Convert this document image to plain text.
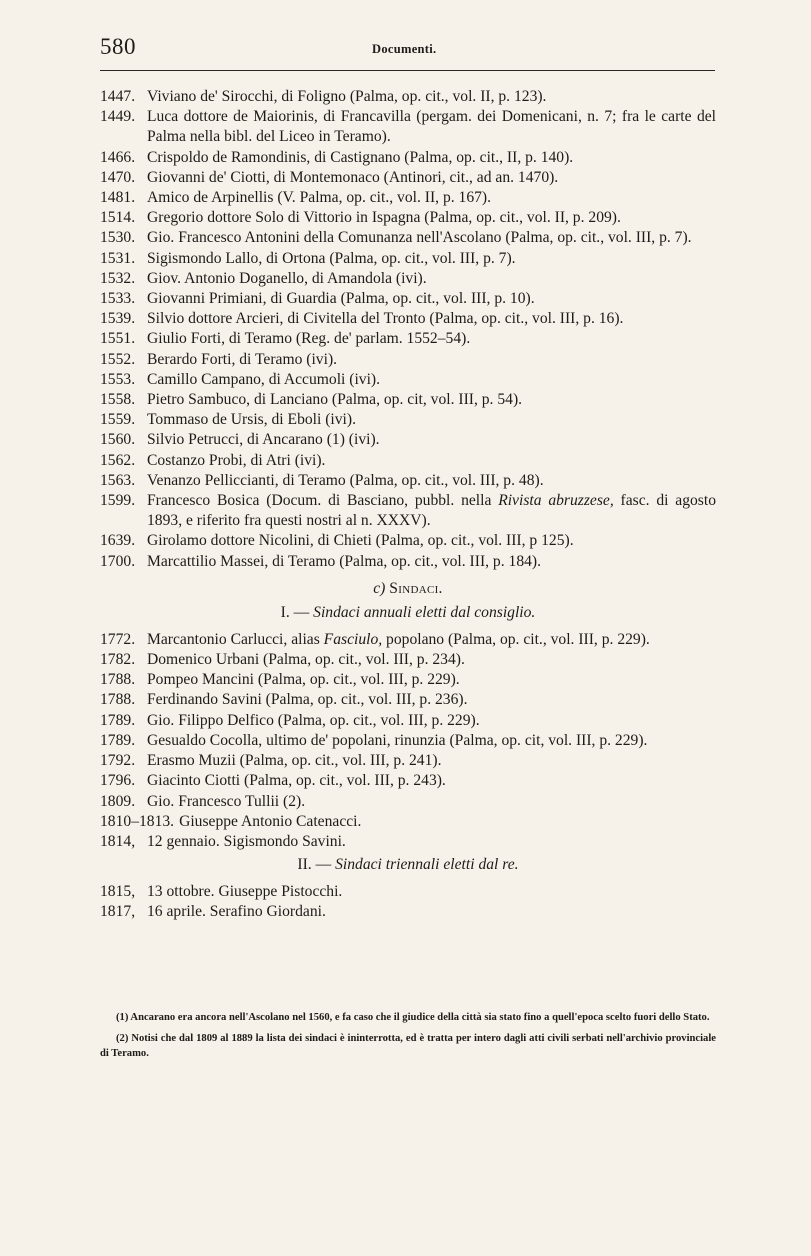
580	Documenti.
1447. Viviano de' Sirocchi, di Foligno (Palma, op. cit., vol. II, p. 123).
1449. Luca dottore de Maiorinis, di Francavilla (pergam. dei Domenicani, n. 7; fra le carte del Palma nella bibl. del Liceo in Teramo).
1466. Crispoldo de Ramondinis, di Castignano (Palma, op. cit., II, p. 140).
1470. Giovanni de' Ciotti, di Montemonaco (Antinori, cit., ad an. 1470).
1481. Amico de Arpinellis (V. Palma, op. cit., vol. II, p. 167).
1514. Gregorio dottore Solo di Vittorio in Ispagna (Palma, op. cit., vol. II, p. 209).
1530. Gio. Francesco Antonini della Comunanza nell'Ascolano (Palma, op. cit., vol. III, p. 7).
1531. Sigismondo Lallo, di Ortona (Palma, op. cit., vol. III, p. 7).
1532. Giov. Antonio Doganello, di Amandola (ivi).
1533. Giovanni Primiani, di Guardia (Palma, op. cit., vol. III, p. 10).
1539. Silvio dottore Arcieri, di Civitella del Tronto (Palma, op. cit., vol. III, p. 16).
1551. Giulio Forti, di Teramo (Reg. de' parlam. 1552–54).
1552. Berardo Forti, di Teramo (ivi).
1553. Camillo Campano, di Accumoli (ivi).
1558. Pietro Sambuco, di Lanciano (Palma, op. cit, vol. III, p. 54).
1559. Tommaso de Ursis, di Eboli (ivi).
1560. Silvio Petrucci, di Ancarano (1) (ivi).
1562. Costanzo Probi, di Atri (ivi).
1563. Venanzo Pelliccianti, di Teramo (Palma, op. cit., vol. III, p. 48).
1599. Francesco Bosica (Docum. di Basciano, pubbl. nella Rivista abruzzese, fasc. di agosto 1893, e riferito fra questi nostri al n. XXXV).
1639. Girolamo dottore Nicolini, di Chieti (Palma, op. cit., vol. III, p 125).
1700. Marcattilio Massei, di Teramo (Palma, op. cit., vol. III, p. 184).
c) Sindaci.
I. — Sindaci annuali eletti dal consiglio.
1772. Marcantonio Carlucci, alias Fasciulo, popolano (Palma, op. cit., vol. III, p. 229).
1782. Domenico Urbani (Palma, op. cit., vol. III, p. 234).
1788. Pompeo Mancini (Palma, op. cit., vol. III, p. 229).
1788. Ferdinando Savini (Palma, op. cit., vol. III, p. 236).
1789. Gio. Filippo Delfico (Palma, op. cit., vol. III, p. 229).
1789. Gesualdo Cocolla, ultimo de' popolani, rinunzia (Palma, op. cit, vol. III, p. 229).
1792. Erasmo Muzii (Palma, op. cit., vol. III, p. 241).
1796. Giacinto Ciotti (Palma, op. cit., vol. III, p. 243).
1809. Gio. Francesco Tullii (2).
1810–1813. Giuseppe Antonio Catenacci.
1814, 12 gennaio. Sigismondo Savini.
II. — Sindaci triennali eletti dal re.
1815, 13 ottobre. Giuseppe Pistocchi.
1817, 16 aprile. Serafino Giordani.

(1) Ancarano era ancora nell'Ascolano nel 1560, e fa caso che il giudice della città sia stato fino a quell'epoca scelto fuori dello Stato.

(2) Notisi che dal 1809 al 1889 la lista dei sindaci è ininterrotta, ed è tratta per intero dagli atti civili serbati nell'archivio provinciale di Teramo.
